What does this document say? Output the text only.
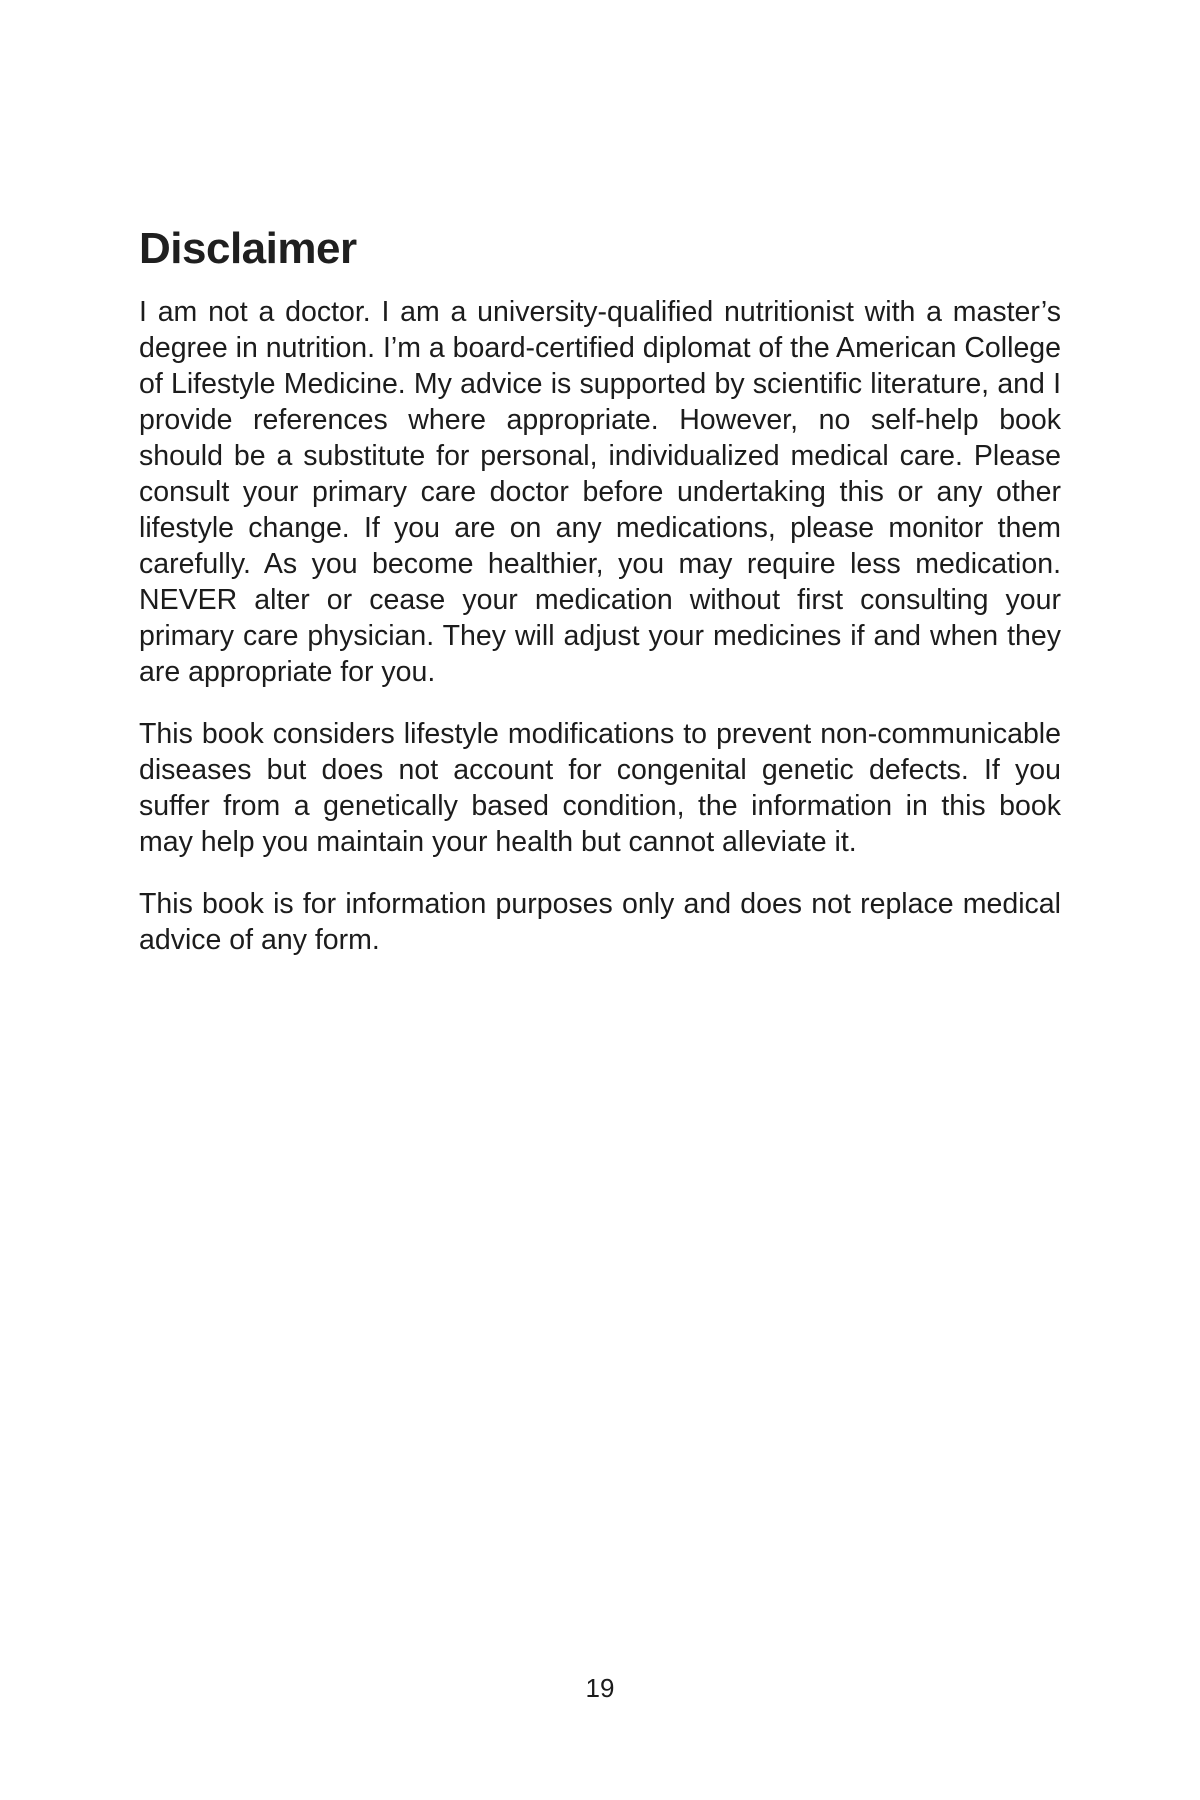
Disclaimer

I am not a doctor. I am a university-qualified nutritionist with a master’s degree in nutrition. I’m a board-certified diplomat of the American College of Lifestyle Medicine. My advice is supported by scientific literature, and I provide references where appropriate. However, no self-help book should be a substitute for personal, individualized medical care. Please consult your primary care doctor before undertaking this or any other lifestyle change. If you are on any medications, please monitor them carefully. As you become healthier, you may require less medication. NEVER alter or cease your medication without first consulting your primary care physician. They will adjust your medicines if and when they are appropriate for you.

This book considers lifestyle modifications to prevent non-communicable diseases but does not account for congenital genetic defects. If you suffer from a genetically based condition, the information in this book may help you maintain your health but cannot alleviate it.

This book is for information purposes only and does not replace medical advice of any form.

19
